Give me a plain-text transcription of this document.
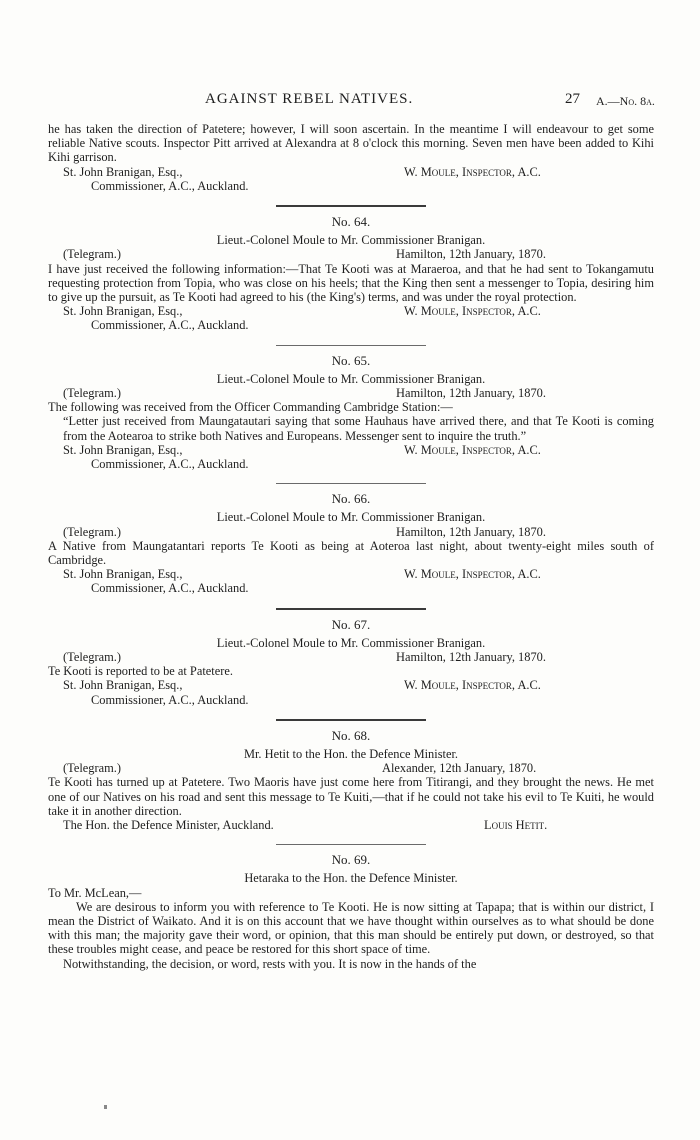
AGAINST REBEL NATIVES.	27 A.—No. 8a.

he has taken the direction of Patetere; however, I will soon ascertain. In the meantime I will endeavour to get some reliable Native scouts. Inspector Pitt arrived at Alexandra at 8 o'clock this morning. Seven men have been added to Kihi Kihi garrison.

St. John Branigan, Esq.,	W. Moule, Inspector, A.C.

Commissioner, A.C., Auckland.

No. 64.
Lieut.-Colonel Moule to Mr. Commissioner Branigan.
(Telegram.)	Hamilton, 12th January, 1870.

I have just received the following information:—That Te Kooti was at Maraeroa, and that he had sent to Tokangamutu requesting protection from Topia, who was close on his heels; that the King then sent a messenger to Topia, desiring him to give up the pursuit, as Te Kooti had agreed to his (the King's) terms, and was under the royal protection.

St. John Branigan, Esq.,	W. Moule, Inspector, A.C.

Commissioner, A.C., Auckland.

No. 65.
Lieut.-Colonel Moule to Mr. Commissioner Branigan.
(Telegram.)	Hamilton, 12th January, 1870.

The following was received from the Officer Commanding Cambridge Station:—

“Letter just received from Maungatautari saying that some Hauhaus have arrived there, and that Te Kooti is coming from the Aotearoa to strike both Natives and Europeans. Messenger sent to inquire the truth.”

St. John Branigan, Esq.,	W. Moule, Inspector, A.C.

Commissioner, A.C., Auckland.

No. 66.
Lieut.-Colonel Moule to Mr. Commissioner Branigan.
(Telegram.)	Hamilton, 12th January, 1870.

A Native from Maungatantari reports Te Kooti as being at Aoteroa last night, about twenty-eight miles south of Cambridge.

St. John Branigan, Esq.,	W. Moule, Inspector, A.C.

Commissioner, A.C., Auckland.

No. 67.
Lieut.-Colonel Moule to Mr. Commissioner Branigan.
(Telegram.)	Hamilton, 12th January, 1870.

Te Kooti is reported to be at Patetere.

St. John Branigan, Esq.,	W. Moule, Inspector, A.C.

Commissioner, A.C., Auckland.

No. 68.
Mr. Hetit to the Hon. the Defence Minister.
(Telegram.)	Alexander, 12th January, 1870.

Te Kooti has turned up at Patetere. Two Maoris have just come here from Titirangi, and they brought the news. He met one of our Natives on his road and sent this message to Te Kuiti,—that if he could not take his evil to Te Kuiti, he would take it in another direction.

The Hon. the Defence Minister, Auckland.	Louis Hetit.
No. 69.
Hetaraka to the Hon. the Defence Minister.

To Mr. McLean,—

We are desirous to inform you with reference to Te Kooti. He is now sitting at Tapapa; that is within our district, I mean the District of Waikato. And it is on this account that we have thought within ourselves as to what should be done with this man; the majority gave their word, or opinion, that this man should be entirely put down, or destroyed, so that these troubles might cease, and peace be restored for this short space of time.

Notwithstanding, the decision, or word, rests with you. It is now in the hands of the
